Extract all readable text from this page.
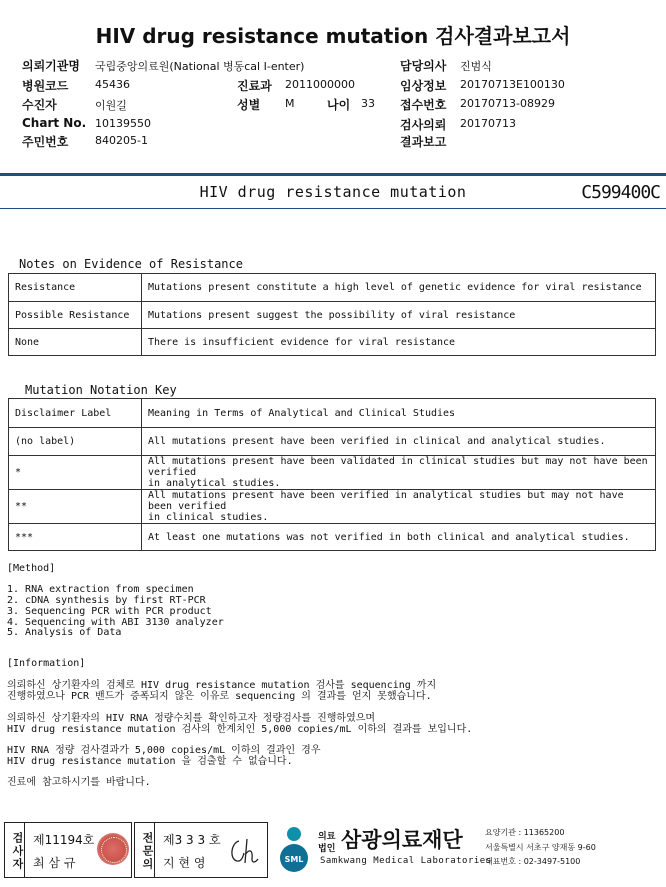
HIV drug resistance mutation 검사결과보고서
의뢰기관명 국립중앙의료원(National 병동cal I-enter)
병원코드 45436
수진자	이원길
Chart No. 10139550
주민번호 840205-1
진료과 2011000000
성별 M	나이 33
담당의사 진범식
임상정보 20170713E100130
접수번호 20170713-08929
검사의뢰 20170713
결과보고
HIV drug resistance mutation	C599400C
Notes on Evidence of Resistance
Resistance	Mutations present constitute a high level of genetic evidence for viral resistance
Possible Resistance	Mutations present suggest the possibility of viral resistance
None	There is insufficient evidence for viral resistance
Mutation Notation Key
Disclaimer Label	Meaning in Terms of Analytical and Clinical Studies
(no label)	All mutations present have been verified in clinical and analytical studies.
*	All mutations present have been validated in clinical studies but may not have been verified
in analytical studies.
**	All mutations present have been verified in analytical studies but may not have been verified
in clinical studies.
***	At least one mutations was not verified in both clinical and analytical studies.
[Method]
1. RNA extraction from specimen
2. cDNA synthesis by first RT-PCR
3. Sequencing PCR with PCR product
4. Sequencing with ABI 3130 analyzer
5. Analysis of Data
[Information]
의뢰하신 상기환자의 검체로 HIV drug resistance mutation 검사를 sequencing 까지
진행하였으나 PCR 밴드가 증폭되지 않은 이유로 sequencing 의 결과를 얻지 못했습니다.
의뢰하신 상기환자의 HIV RNA 정량수치를 확인하고자 정량검사를 진행하였으며
HIV drug resistance mutation 검사의 한계치인 5,000 copies/mL 이하의 결과를 보입니다.
HIV RNA 정량 검사결과가 5,000 copies/mL 이하의 결과인 경우
HIV drug resistance mutation 을 검출할 수 없습니다.
진료에 참고하시기를 바랍니다.
검사자 제11194호
최 삼 규	전문의 제3 3 3 호
지 현 영	SML
의료
법인 삼광의료재단
Samkwang Medical Laboratories
요양기관 : 11365200
서울특별시 서초구 양재동 9-60
대표번호 : 02-3497-5100
